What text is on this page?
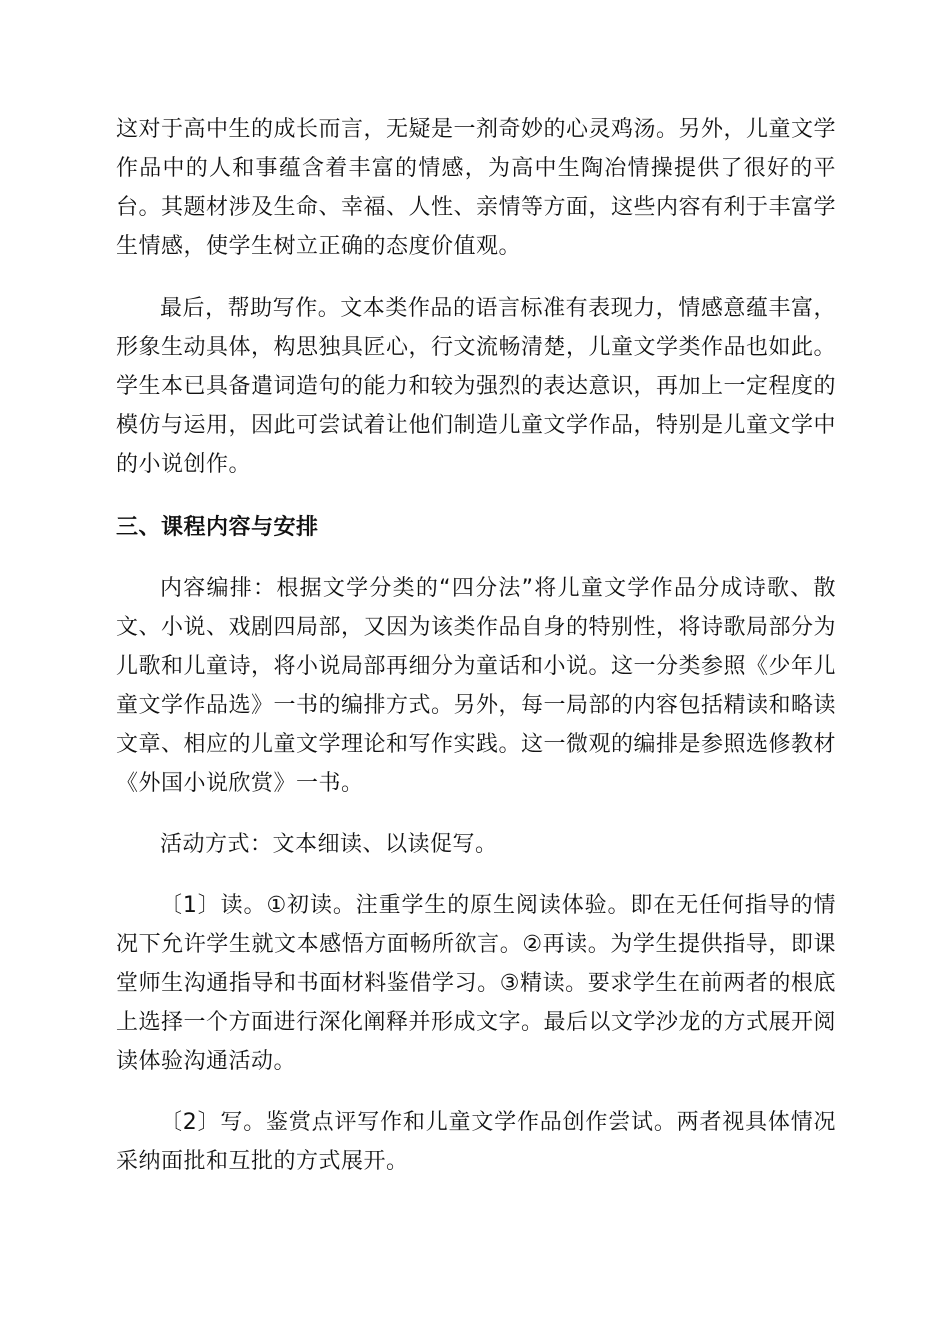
这对于高中生的成长而言，无疑是一剂奇妙的心灵鸡汤。另外，儿童文学作品中的人和事蕴含着丰富的情感，为高中生陶冶情操提供了很好的平台。其题材涉及生命、幸福、人性、亲情等方面，这些内容有利于丰富学生情感，使学生树立正确的态度价值观。

最后，帮助写作。文本类作品的语言标准有表现力，情感意蕴丰富，形象生动具体，构思独具匠心，行文流畅清楚，儿童文学类作品也如此。学生本已具备遣词造句的能力和较为强烈的表达意识，再加上一定程度的模仿与运用，因此可尝试着让他们制造儿童文学作品，特别是儿童文学中的小说创作。

三、课程内容与安排

内容编排：根据文学分类的“四分法”将儿童文学作品分成诗歌、散文、小说、戏剧四局部，又因为该类作品自身的特别性，将诗歌局部分为儿歌和儿童诗，将小说局部再细分为童话和小说。这一分类参照《少年儿童文学作品选》一书的编排方式。另外，每一局部的内容包括精读和略读文章、相应的儿童文学理论和写作实践。这一微观的编排是参照选修教材《外国小说欣赏》一书。

活动方式：文本细读、以读促写。

〔1〕读。①初读。注重学生的原生阅读体验。即在无任何指导的情况下允许学生就文本感悟方面畅所欲言。②再读。为学生提供指导，即课堂师生沟通指导和书面材料鉴借学习。③精读。要求学生在前两者的根底上选择一个方面进行深化阐释并形成文字。最后以文学沙龙的方式展开阅读体验沟通活动。

〔2〕写。鉴赏点评写作和儿童文学作品创作尝试。两者视具体情况采纳面批和互批的方式展开。
